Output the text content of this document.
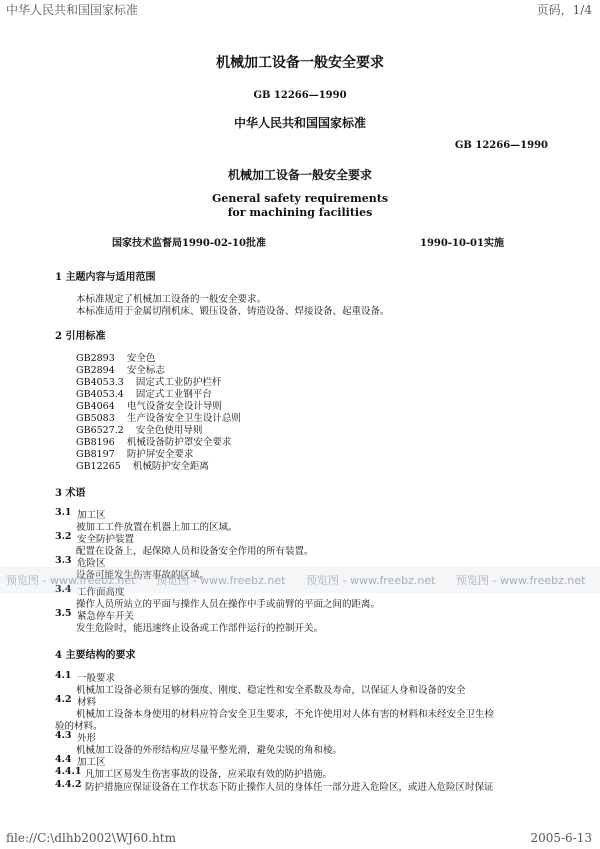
中华人民共和国国家标准	页码，1/4
机械加工设备一般安全要求
GB 12266—1990
中华人民共和国国家标准
GB 12266—1990
机械加工设备一般安全要求
General safety requirements
for machining facilities
国家技术监督局1990-02-10批准	1990-10-01实施
1 主题内容与适用范围
本标准规定了机械加工设备的一般安全要求。
本标准适用于金属切削机床、锻压设备、铸造设备、焊接设备、起重设备。
2 引用标准
GB2893    安全色
GB2894    安全标志
GB4053.3    固定式工业防护栏杆
GB4053.4    固定式工业钢平台
GB4064    电气设备安全设计导则
GB5083    生产设备安全卫生设计总则
GB6527.2    安全色使用导则
GB8196    机械设备防护罩安全要求
GB8197    防护屏安全要求
GB12265    机械防护安全距离
3 术语
3.1 加工区
被加工工件放置在机器上加工的区域。
3.2 安全防护装置
配置在设备上，起保障人员和设备安全作用的所有装置。
3.3 危险区
设备可能发生伤害事故的区域。
3.4 工作面高度
操作人员所站立的平面与操作人员在操作中手或前臂的平面之间的距离。
3.5 紧急停车开关
发生危险时，能迅速终止设备或工作部件运行的控制开关。
预览图 - www.freebz.net 预览图 - www.freebz.net 预览图 - www.freebz.net 预览图 - www.freebz.net
4 主要结构的要求
4.1 一般要求
机械加工设备必须有足够的强度、刚度、稳定性和安全系数及寿命，以保证人身和设备的安全
4.2 材料
机械加工设备本身使用的材料应符合安全卫生要求，不允许使用对人体有害的材料和未经安全卫生检
验的材料。
4.3 外形
机械加工设备的外形结构应尽量平整光滑，避免尖锐的角和棱。
4.4 加工区
4.4.1 凡加工区易发生伤害事故的设备，应采取有效的防护措施。
4.4.2 防护措施应保证设备在工作状态下防止操作人员的身体任一部分进入危险区，或进入危险区时保证
file://C:\dlhb2002\WJ60.htm	2005-6-13
